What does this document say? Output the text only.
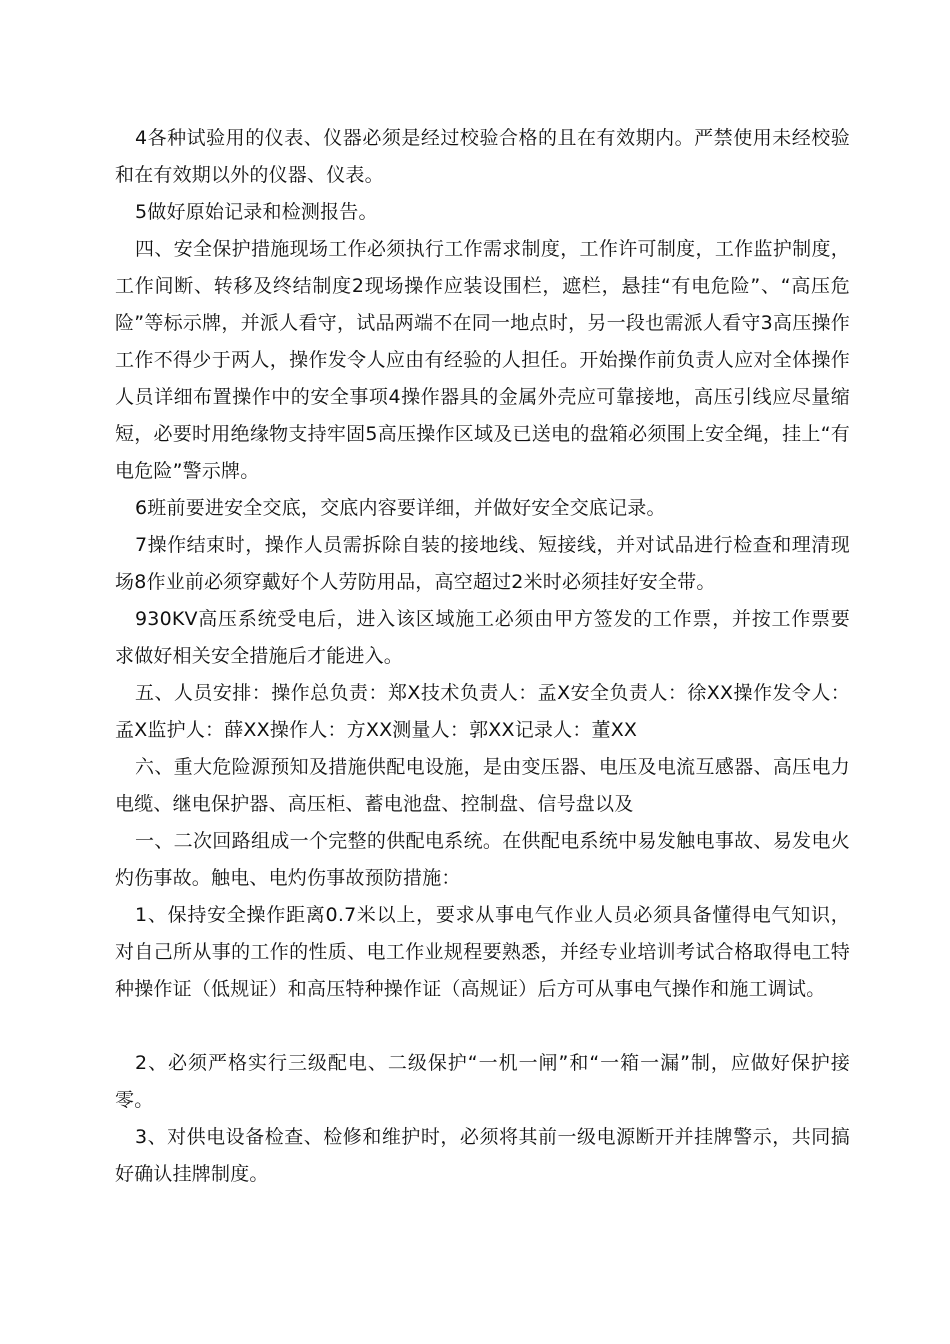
4各种试验用的仪表、仪器必须是经过校验合格的且在有效期内。严禁使用未经校验和在有效期以外的仪器、仪表。

5做好原始记录和检测报告。

四、安全保护措施现场工作必须执行工作需求制度，工作许可制度，工作监护制度，工作间断、转移及终结制度2现场操作应装设围栏，遮栏，悬挂“有电危险”、“高压危险”等标示牌，并派人看守，试品两端不在同一地点时，另一段也需派人看守3高压操作工作不得少于两人，操作发令人应由有经验的人担任。开始操作前负责人应对全体操作人员详细布置操作中的安全事项4操作器具的金属外壳应可靠接地，高压引线应尽量缩短，必要时用绝缘物支持牢固5高压操作区域及已送电的盘箱必须围上安全绳，挂上“有电危险”警示牌。

6班前要进安全交底，交底内容要详细，并做好安全交底记录。

7操作结束时，操作人员需拆除自装的接地线、短接线，并对试品进行检查和理清现场8作业前必须穿戴好个人劳防用品，高空超过2米时必须挂好安全带。

930KV高压系统受电后，进入该区域施工必须由甲方签发的工作票，并按工作票要求做好相关安全措施后才能进入。

五、人员安排：操作总负责：郑X技术负责人：孟X安全负责人：徐XX操作发令人：孟X监护人：薛XX操作人：方XX测量人：郭XX记录人：董XX

六、重大危险源预知及措施供配电设施，是由变压器、电压及电流互感器、高压电力电缆、继电保护器、高压柜、蓄电池盘、控制盘、信号盘以及

一、二次回路组成一个完整的供配电系统。在供配电系统中易发触电事故、易发电火灼伤事故。触电、电灼伤事故预防措施：

1、保持安全操作距离0.7米以上，要求从事电气作业人员必须具备懂得电气知识，对自己所从事的工作的性质、电工作业规程要熟悉，并经专业培训考试合格取得电工特种操作证（低规证）和高压特种操作证（高规证）后方可从事电气操作和施工调试。

2、必须严格实行三级配电、二级保护“一机一闸”和“一箱一漏”制，应做好保护接零。

3、对供电设备检查、检修和维护时，必须将其前一级电源断开并挂牌警示，共同搞好确认挂牌制度。
